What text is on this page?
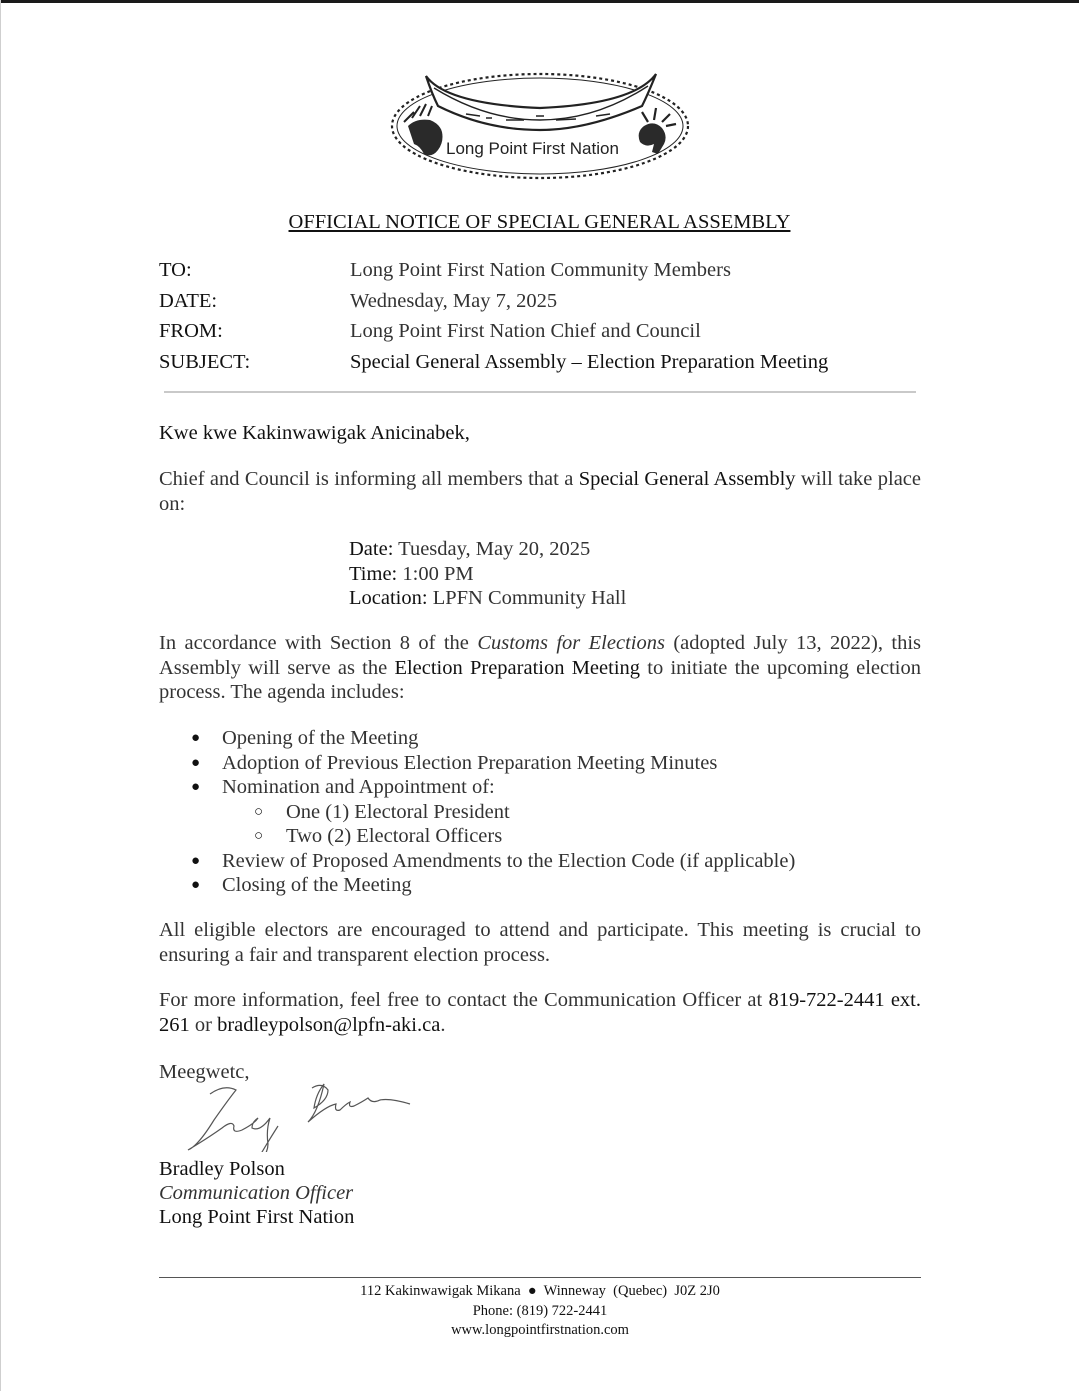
Long Point First Nation
OFFICIAL NOTICE OF SPECIAL GENERAL ASSEMBLY
TO:	Long Point First Nation Community Members
DATE:	Wednesday, May 7, 2025
FROM:	Long Point First Nation Chief and Council
SUBJECT:	Special General Assembly – Election Preparation Meeting
Kwe kwe Kakinwawigak Anicinabek,
Chief and Council is informing all members that a Special General Assembly will take place on:
Date: Tuesday, May 20, 2025
Time: 1:00 PM
Location: LPFN Community Hall
In accordance with Section 8 of the Customs for Elections (adopted July 13, 2022), this Assembly will serve as the Election Preparation Meeting to initiate the upcoming election process. The agenda includes:
● Opening of the Meeting
● Adoption of Previous Election Preparation Meeting Minutes
● Nomination and Appointment of:
○ One (1) Electoral President
○ Two (2) Electoral Officers
● Review of Proposed Amendments to the Election Code (if applicable)
● Closing of the Meeting
All eligible electors are encouraged to attend and participate. This meeting is crucial to ensuring a fair and transparent election process.
For more information, feel free to contact the Communication Officer at 819-722-2441 ext. 261 or bradleypolson@lpfn-aki.ca.
Meegwetc,
Bradley Polson
Communication Officer
Long Point First Nation
112 Kakinwawigak Mikana  ●  Winneway  (Quebec)  J0Z 2J0
Phone: (819) 722-2441
www.longpointfirstnation.com
